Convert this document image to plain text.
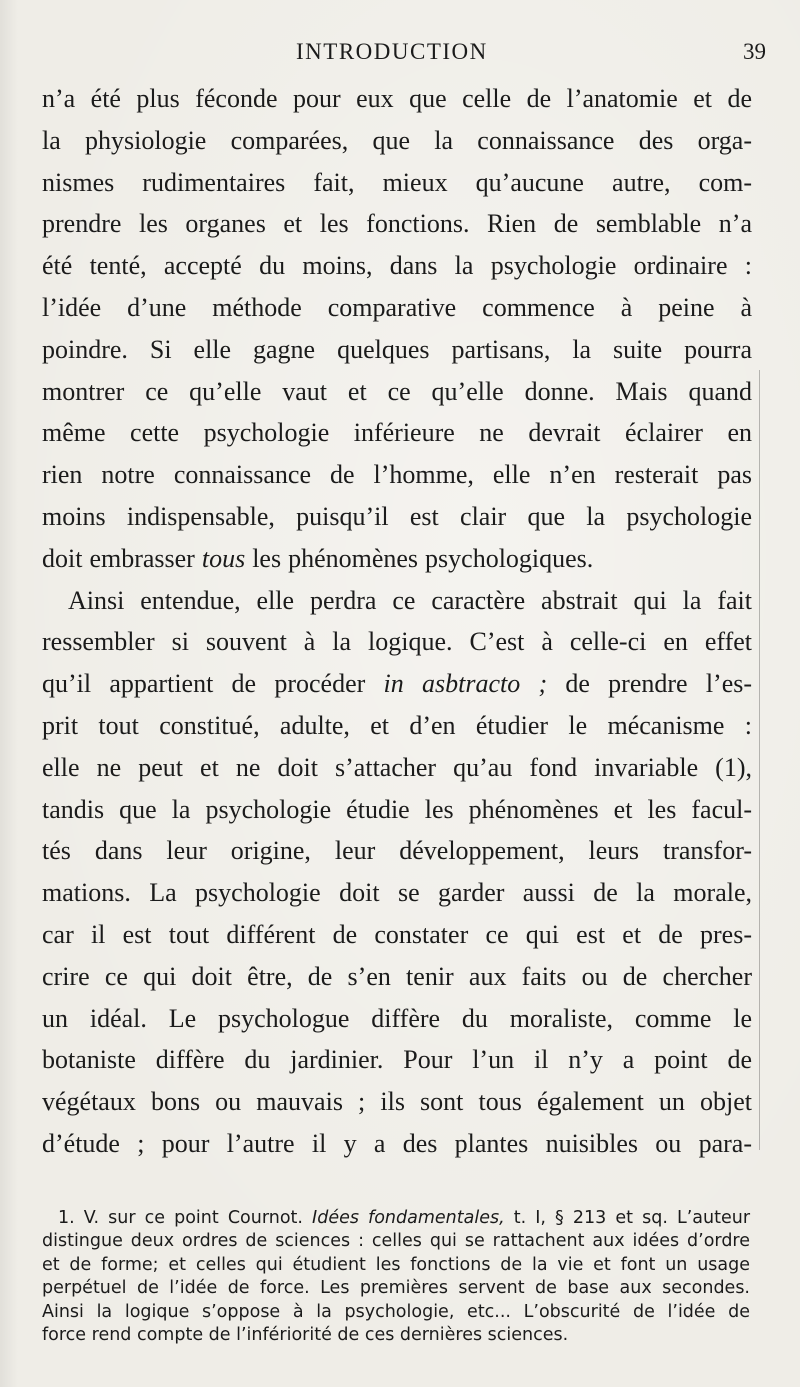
INTRODUCTION	39
n’a été plus féconde pour eux que celle de l’anatomie et de
la physiologie comparées, que la connaissance des orga-
nismes rudimentaires fait, mieux qu’aucune autre, com-
prendre les organes et les fonctions. Rien de semblable n’a
été tenté, accepté du moins, dans la psychologie ordinaire :
l’idée d’une méthode comparative commence à peine à
poindre. Si elle gagne quelques partisans, la suite pourra
montrer ce qu’elle vaut et ce qu’elle donne. Mais quand
même cette psychologie inférieure ne devrait éclairer en
rien notre connaissance de l’homme, elle n’en resterait pas
moins indispensable, puisqu’il est clair que la psychologie
doit embrasser tous les phénomènes psychologiques.
Ainsi entendue, elle perdra ce caractère abstrait qui la fait
ressembler si souvent à la logique. C’est à celle-ci en effet
qu’il appartient de procéder in asbtracto ; de prendre l’es-
prit tout constitué, adulte, et d’en étudier le mécanisme :
elle ne peut et ne doit s’attacher qu’au fond invariable (1),
tandis que la psychologie étudie les phénomènes et les facul-
tés dans leur origine, leur développement, leurs transfor-
mations. La psychologie doit se garder aussi de la morale,
car il est tout différent de constater ce qui est et de pres-
crire ce qui doit être, de s’en tenir aux faits ou de chercher
un idéal. Le psychologue diffère du moraliste, comme le
botaniste diffère du jardinier. Pour l’un il n’y a point de
végétaux bons ou mauvais ; ils sont tous également un objet
d’étude ; pour l’autre il y a des plantes nuisibles ou para-
1. V. sur ce point Cournot. Idées fondamentales, t. I, § 213 et sq. L’auteur
distingue deux ordres de sciences : celles qui se rattachent aux idées d’ordre
et de forme; et celles qui étudient les fonctions de la vie et font un usage
perpétuel de l’idée de force. Les premières servent de base aux secondes.
Ainsi la logique s’oppose à la psychologie, etc... L’obscurité de l’idée de
force rend compte de l’infériorité de ces dernières sciences.
